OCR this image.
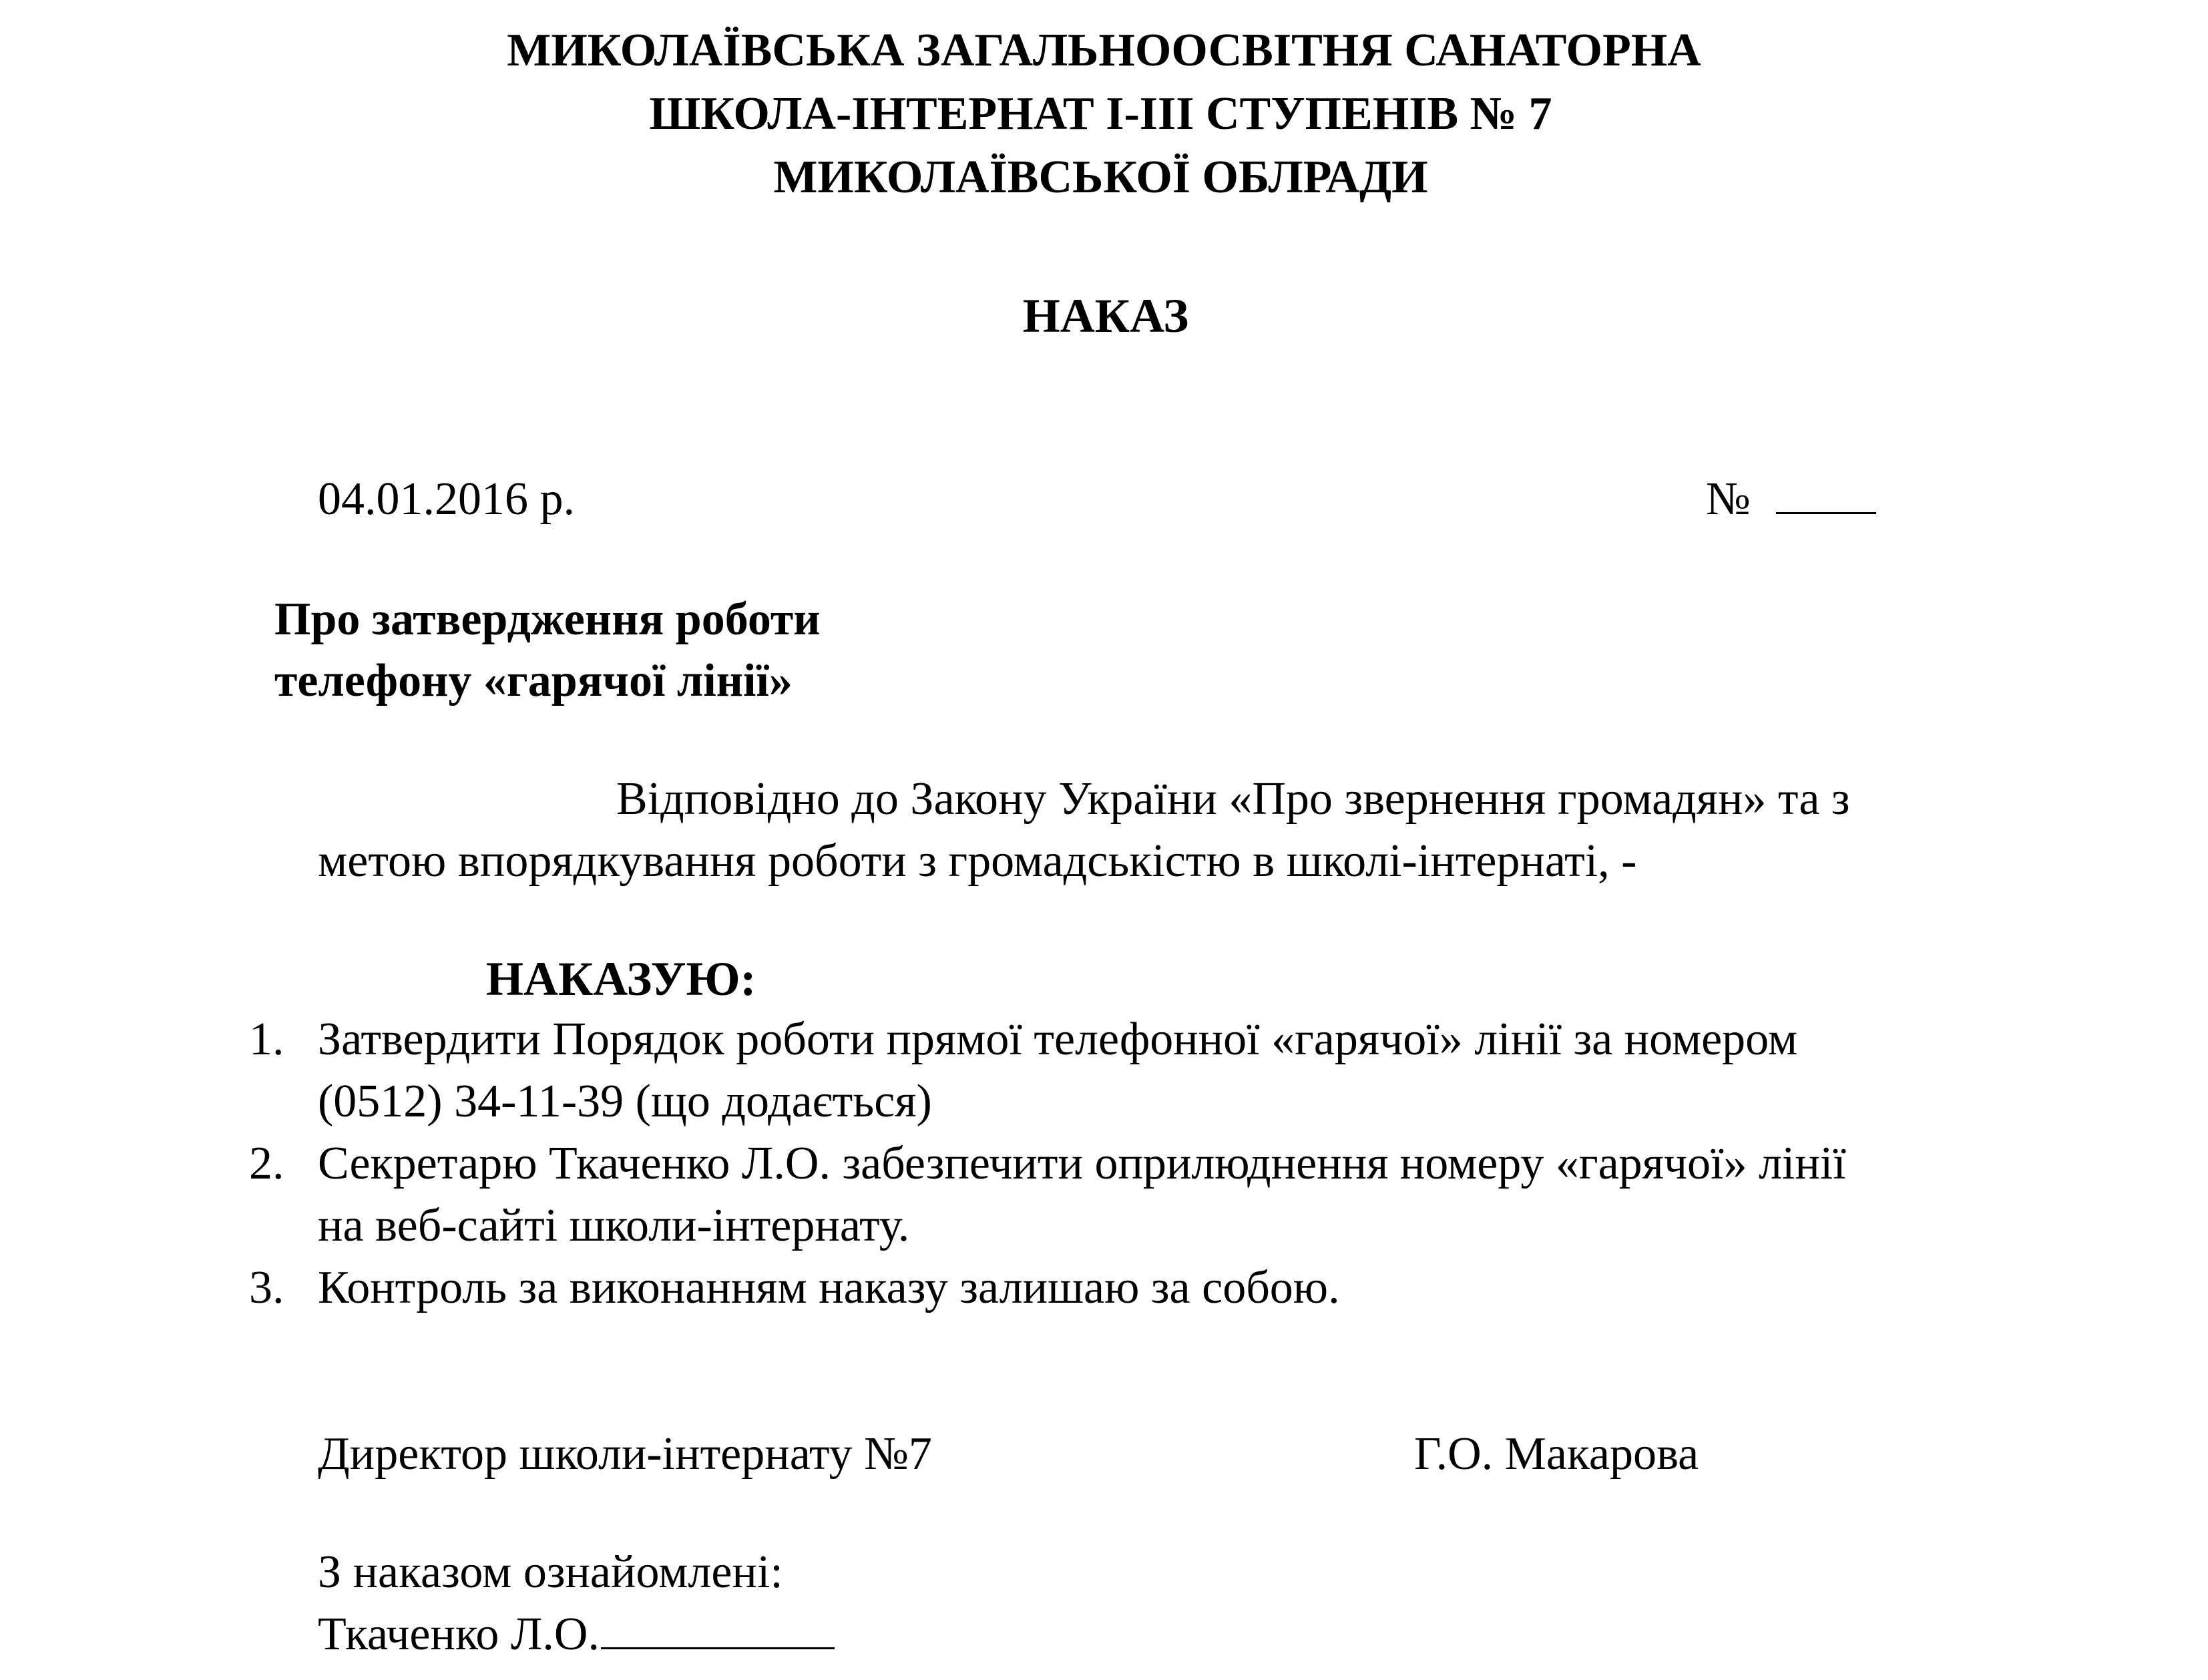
МИКОЛАЇВСЬКА ЗАГАЛЬНООСВІТНЯ САНАТОРНА
ШКОЛА-ІНТЕРНАТ І-ІІІ СТУПЕНІВ № 7
МИКОЛАЇВСЬКОЇ ОБЛРАДИ
НАКАЗ
04.01.2016 р.	№
Про затвердження роботи
телефону «гарячої лінії»
Відповідно до Закону України «Про звернення громадян» та з
метою впорядкування роботи з громадськістю в школі-інтернаті, -
НАКАЗУЮ:
1. Затвердити Порядок роботи прямої телефонної «гарячої» лінії за номером
(0512) 34-11-39 (що додається)
2. Секретарю Ткаченко Л.О. забезпечити оприлюднення номеру «гарячої» лінії
на веб-сайті школи-інтернату.
3. Контроль за виконанням наказу залишаю за собою.
Директор школи-інтернату №7	Г.О. Макарова
З наказом ознайомлені:
Ткаченко Л.О.
